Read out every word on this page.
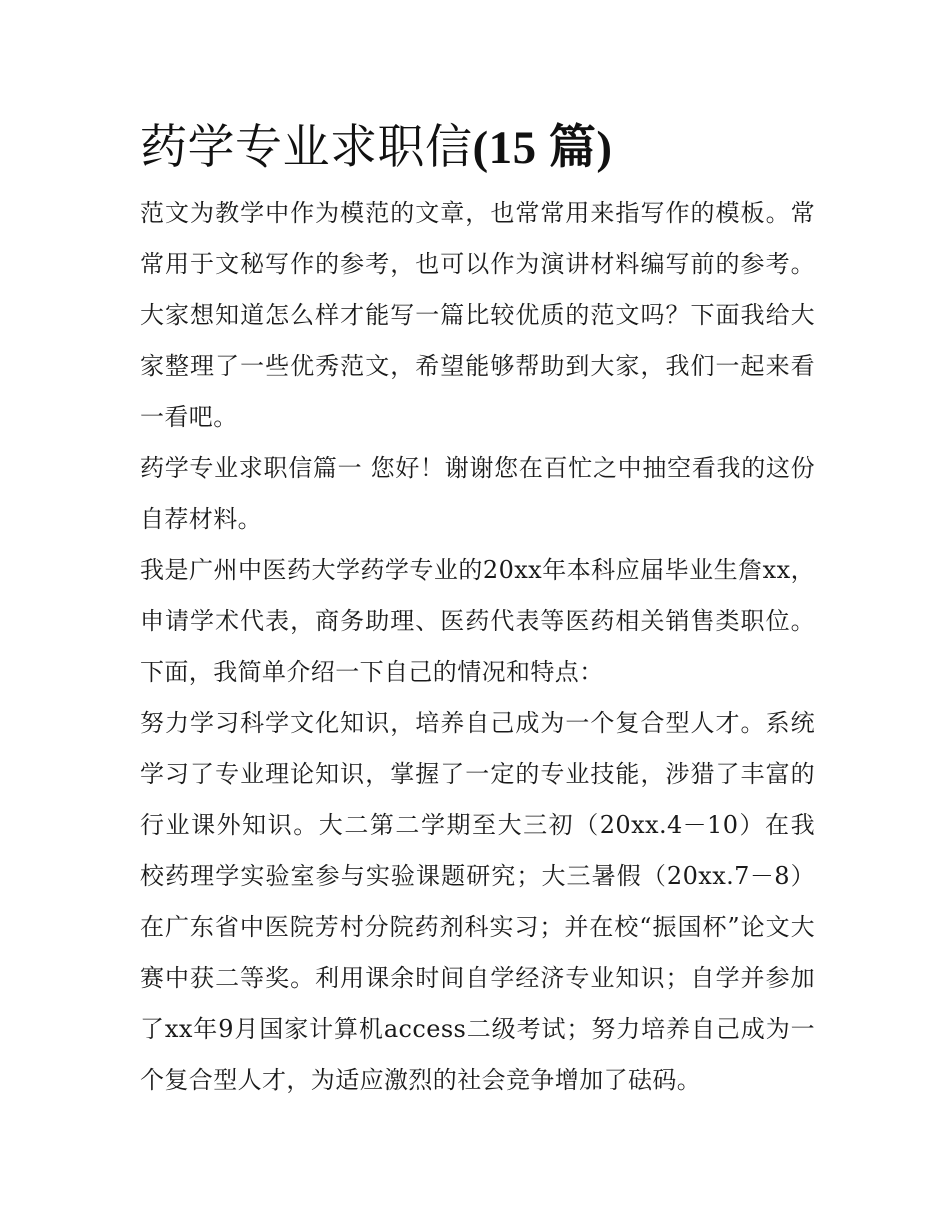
药学专业求职信(15 篇)

范文为教学中作为模范的文章，也常常用来指写作的模板。常常用于文秘写作的参考，也可以作为演讲材料编写前的参考。大家想知道怎么样才能写一篇比较优质的范文吗？下面我给大家整理了一些优秀范文，希望能够帮助到大家，我们一起来看一看吧。

药学专业求职信篇一 您好！谢谢您在百忙之中抽空看我的这份自荐材料。

我是广州中医药大学药学专业的20xx年本科应届毕业生詹xx，申请学术代表，商务助理、医药代表等医药相关销售类职位。下面，我简单介绍一下自己的情况和特点：

努力学习科学文化知识，培养自己成为一个复合型人才。系统学习了专业理论知识，掌握了一定的专业技能，涉猎了丰富的行业课外知识。大二第二学期至大三初（20xx.4－10）在我校药理学实验室参与实验课题研究；大三暑假（20xx.7－8）在广东省中医院芳村分院药剂科实习；并在校“振国杯”论文大赛中获二等奖。利用课余时间自学经济专业知识；自学并参加了xx年9月国家计算机access二级考试；努力培养自己成为一个复合型人才，为适应激烈的社会竞争增加了砝码。
